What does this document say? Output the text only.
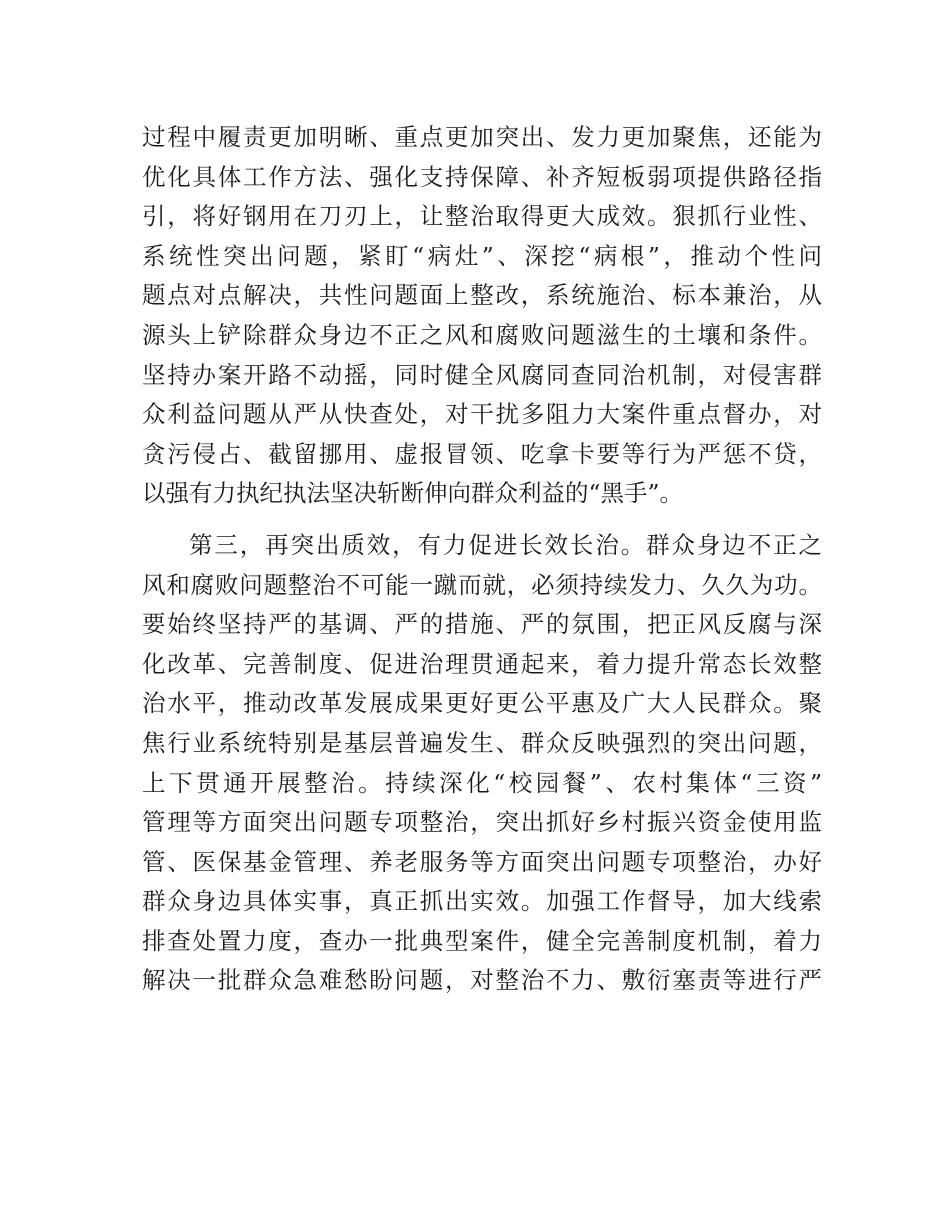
过程中履责更加明晰、重点更加突出、发力更加聚焦，还能为
优化具体工作方法、强化支持保障、补齐短板弱项提供路径指
引，将好钢用在刀刃上，让整治取得更大成效。狠抓行业性、
系统性突出问题，紧盯“病灶”、深挖“病根”，推动个性问
题点对点解决，共性问题面上整改，系统施治、标本兼治，从
源头上铲除群众身边不正之风和腐败问题滋生的土壤和条件。
坚持办案开路不动摇，同时健全风腐同查同治机制，对侵害群
众利益问题从严从快查处，对干扰多阻力大案件重点督办，对
贪污侵占、截留挪用、虚报冒领、吃拿卡要等行为严惩不贷，
以强有力执纪执法坚决斩断伸向群众利益的“黑手”。
第三，再突出质效，有力促进长效长治。群众身边不正之
风和腐败问题整治不可能一蹴而就，必须持续发力、久久为功。
要始终坚持严的基调、严的措施、严的氛围，把正风反腐与深
化改革、完善制度、促进治理贯通起来，着力提升常态长效整
治水平，推动改革发展成果更好更公平惠及广大人民群众。聚
焦行业系统特别是基层普遍发生、群众反映强烈的突出问题，
上下贯通开展整治。持续深化“校园餐”、农村集体“三资”
管理等方面突出问题专项整治，突出抓好乡村振兴资金使用监
管、医保基金管理、养老服务等方面突出问题专项整治，办好
群众身边具体实事，真正抓出实效。加强工作督导，加大线索
排查处置力度，查办一批典型案件，健全完善制度机制，着力
解决一批群众急难愁盼问题，对整治不力、敷衍塞责等进行严
